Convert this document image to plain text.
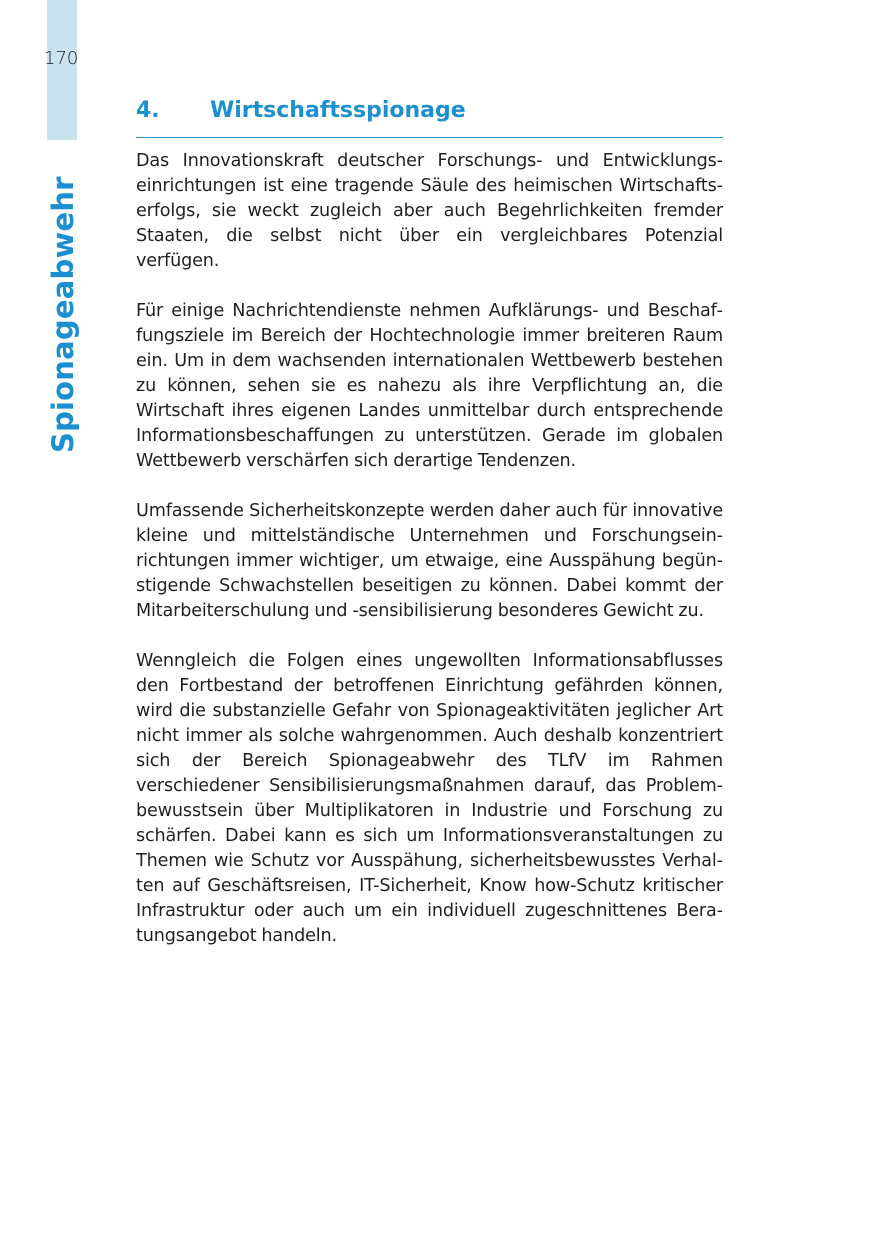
170
Spionageabwehr
4.	Wirtschaftsspionage

Das Innovationskraft deutscher Forschungs- und Entwicklungseinrichtungen ist eine tragende Säule des heimischen Wirtschaftserfolgs, sie weckt zugleich aber auch Begehrlichkeiten fremder Staaten, die selbst nicht über ein vergleichbares Potenzial verfügen.

Für einige Nachrichtendienste nehmen Aufklärungs- und Beschaffungsziele im Bereich der Hochtechnologie immer breiteren Raum ein. Um in dem wachsenden internationalen Wettbewerb bestehen zu können, sehen sie es nahezu als ihre Verpflichtung an, die Wirtschaft ihres eigenen Landes unmittelbar durch entsprechende Informationsbeschaffungen zu unterstützen. Gerade im globalen Wettbewerb verschärfen sich derartige Tendenzen.

Umfassende Sicherheitskonzepte werden daher auch für innovative kleine und mittelständische Unternehmen und Forschungseinrichtungen immer wichtiger, um etwaige, eine Ausspähung begünstigende Schwachstellen beseitigen zu können. Dabei kommt der Mitarbeiterschulung und -sensibilisierung besonderes Gewicht zu.

Wenngleich die Folgen eines ungewollten Informationsabflusses den Fortbestand der betroffenen Einrichtung gefährden können, wird die substanzielle Gefahr von Spionageaktivitäten jeglicher Art nicht immer als solche wahrgenommen. Auch deshalb konzentriert sich der Bereich Spionageabwehr des TLfV im Rahmen verschiedener Sensibilisierungsmaßnahmen darauf, das Problembewusstsein über Multiplikatoren in Industrie und Forschung zu schärfen. Dabei kann es sich um Informationsveranstaltungen zu Themen wie Schutz vor Ausspähung, sicherheitsbewusstes Verhalten auf Geschäftsreisen, IT-Sicherheit, Know how-Schutz kritischer Infrastruktur oder auch um ein individuell zugeschnittenes Beratungsangebot handeln.
